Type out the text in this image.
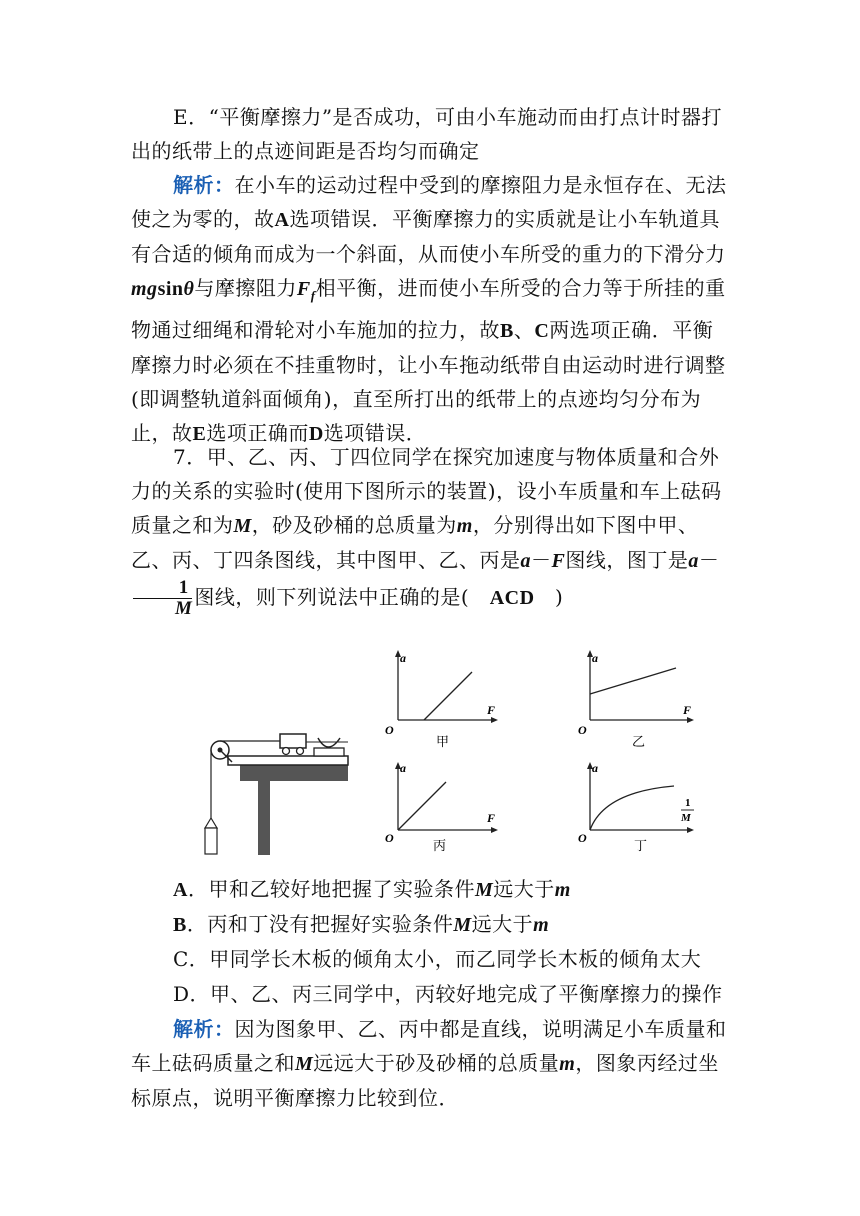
E．“平衡摩擦力”是否成功，可由小车施动而由打点计时器打出的纸带上的点迹间距是否均匀而确定
解析：在小车的运动过程中受到的摩擦阻力是永恒存在、无法使之为零的，故A选项错误．平衡摩擦力的实质就是让小车轨道具有合适的倾角而成为一个斜面，从而使小车所受的重力的下滑分力mgsinθ与摩擦阻力$F_f$相平衡，进而使小车所受的合力等于所挂的重物通过细绳和滑轮对小车施加的拉力，故B、C两选项正确．平衡摩擦力时必须在不挂重物时，让小车拖动纸带自由运动时进行调整(即调整轨道斜面倾角)，直至所打出的纸带上的点迹均匀分布为止，故E选项正确而D选项错误．
7．甲、乙、丙、丁四位同学在探究加速度与物体质量和合外力的关系的实验时(使用下图所示的装置)，设小车质量和车上砝码质量之和为M，砂及砂桶的总质量为m，分别得出如下图中甲、乙、丙、丁四条图线，其中图甲、乙、丙是a－F图线，图丁是a－
$\frac{1}{M}$ 图线，则下列说法中正确的是(　ACD　)
a
F
O
甲
a
F
O
乙
a
F
O	丙
a
1
M
O	丁
A．甲和乙较好地把握了实验条件M远大于m
B．丙和丁没有把握好实验条件M远大于m
C．甲同学长木板的倾角太小，而乙同学长木板的倾角太大
D．甲、乙、丙三同学中，丙较好地完成了平衡摩擦力的操作
解析：因为图象甲、乙、丙中都是直线，说明满足小车质量和车上砝码质量之和M远远大于砂及砂桶的总质量m，图象丙经过坐标原点，说明平衡摩擦力比较到位．
